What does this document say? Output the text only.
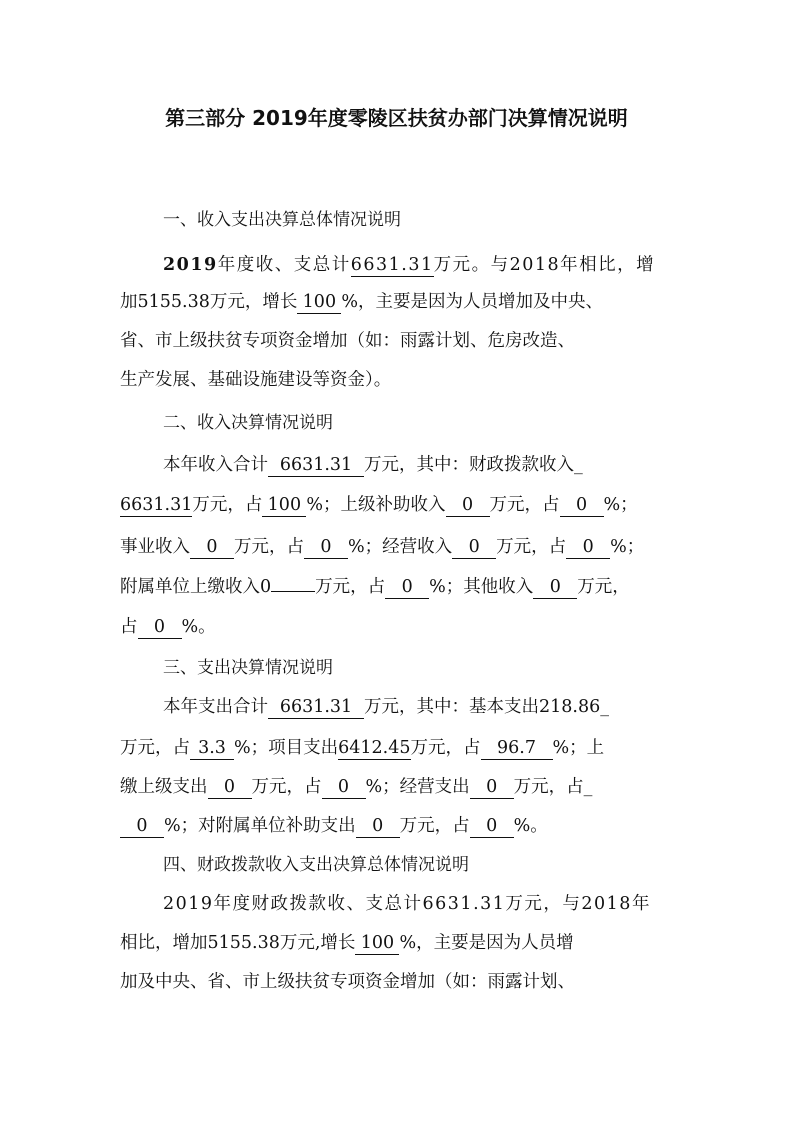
第三部分 2019年度零陵区扶贫办部门决算情况说明

一、收入支出决算总体情况说明

2019年度收、支总计6631.31万元。与2018年相比，增

加5155.38万元，增长 100 %，主要是因为人员增加及中央、

省、市上级扶贫专项资金增加（如：雨露计划、危房改造、

生产发展、基础设施建设等资金）。

二、收入决算情况说明

本年收入合计 6631.31 万元，其中：财政拨款收入_

6631.31万元，占 100 %；上级补助收入 0 万元，占 0 %；

事业收入 0 万元，占 0 %；经营收入 0 万元，占 0 %；

附属单位上缴收入0	万元，占 0 %；其他收入 0 万元，

占 0 %。

三、支出决算情况说明

本年支出合计 6631.31 万元，其中：基本支出218.86_

万元，占 3.3 %；项目支出6412.45万元，占 96.7 %；上

缴上级支出 0 万元，占 0 %；经营支出 0 万元，占_

0 %；对附属单位补助支出 0 万元，占 0 %。

四、财政拨款收入支出决算总体情况说明

2019年度财政拨款收、支总计6631.31万元，与2018年

相比，增加5155.38万元,增长 100 %，主要是因为人员增

加及中央、省、市上级扶贫专项资金增加（如：雨露计划、
